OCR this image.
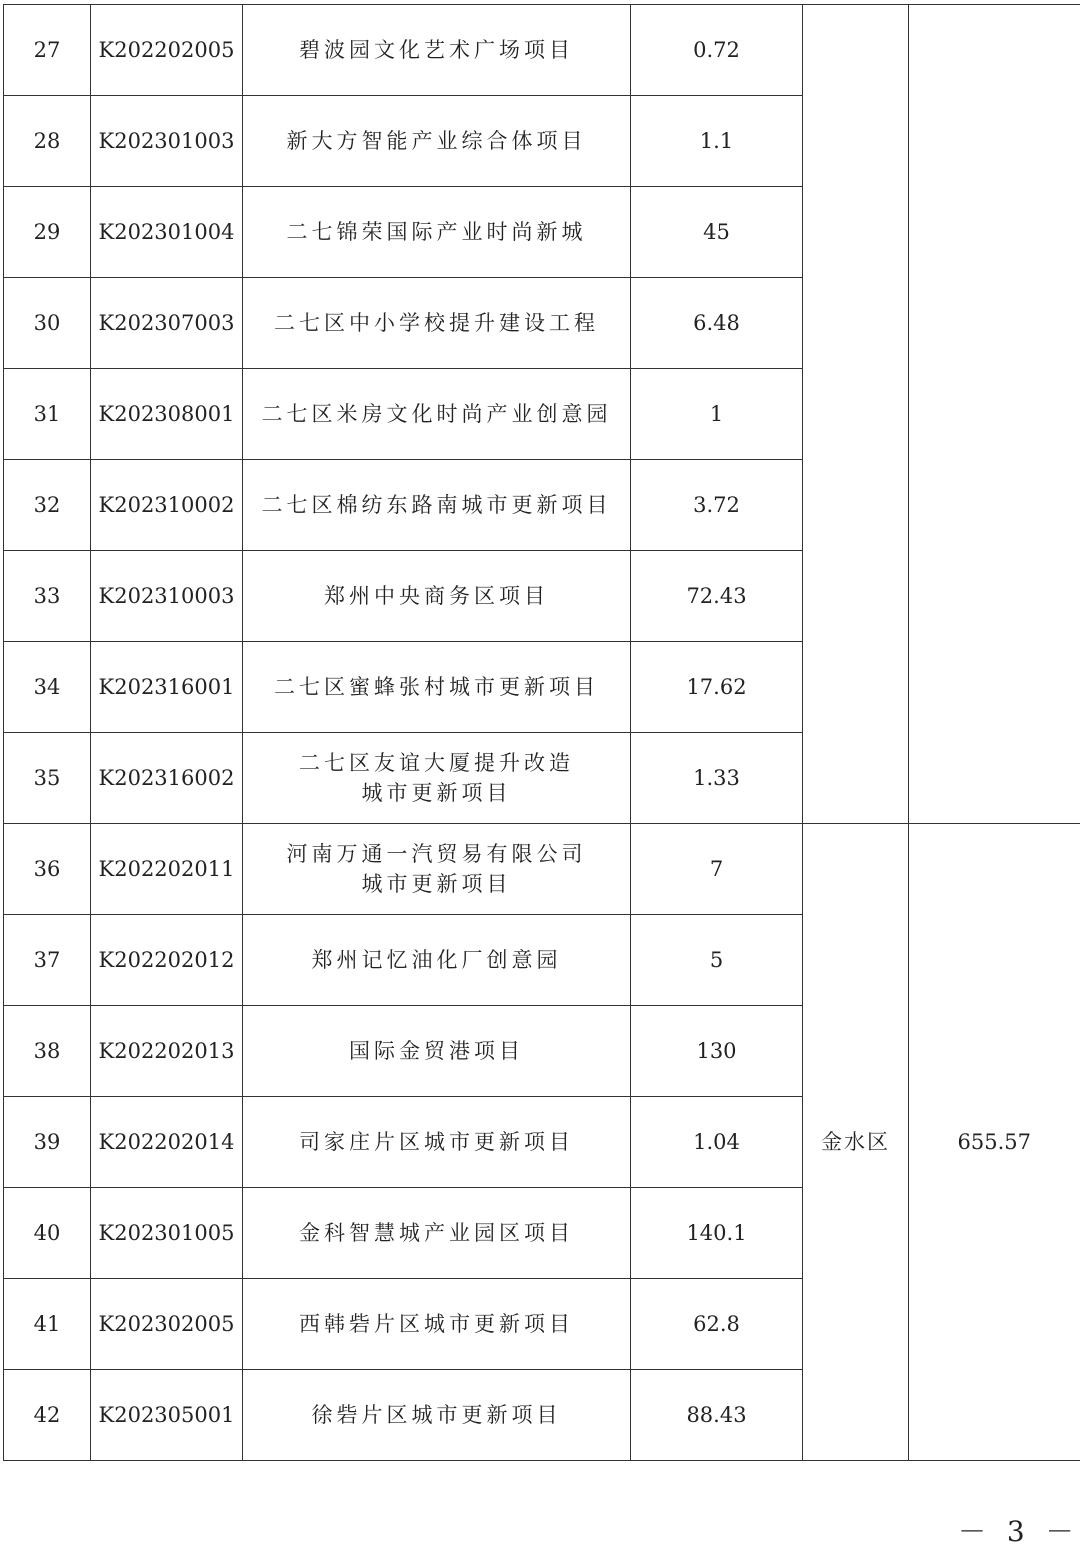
27	K202202005	碧波园文化艺术广场项目	0.72		
28	K202301003	新大方智能产业综合体项目	1.1		
29	K202301004	二七锦荣国际产业时尚新城	45		
30	K202307003	二七区中小学校提升建设工程	6.48		
31	K202308001	二七区米房文化时尚产业创意园	1		
32	K202310002	二七区棉纺东路南城市更新项目	3.72		
33	K202310003	郑州中央商务区项目	72.43		
34	K202316001	二七区蜜蜂张村城市更新项目	17.62		
35	K202316002	二七区友谊大厦提升改造
城市更新项目	1.33		
36	K202202011	河南万通一汽贸易有限公司
城市更新项目	7	金水区	655.57
37	K202202012	郑州记忆油化厂创意园	5		
38	K202202013	国际金贸港项目	130		
39	K202202014	司家庄片区城市更新项目	1.04		
40	K202301005	金科智慧城产业园区项目	140.1		
41	K202302005	西韩砦片区城市更新项目	62.8		
42	K202305001	徐砦片区城市更新项目	88.43		
－ 3 －
